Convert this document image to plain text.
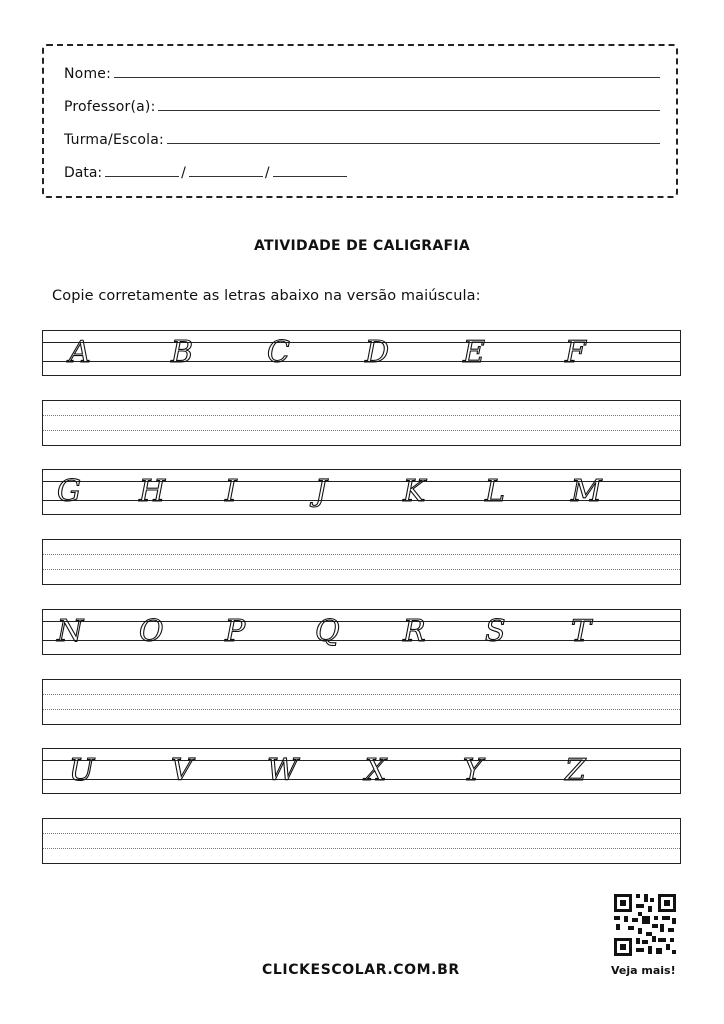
Nome:
Professor(a):
Turma/Escola:
Data:	/	/
ATIVIDADE DE CALIGRAFIA
Copie corretamente as letras abaixo na versão maiúscula:
A	B C	D E	F
G H I	J	K L M
N O P Q R S T
U	V W X	Y	Z
Veja mais!
CLICKESCOLAR.COM.BR
